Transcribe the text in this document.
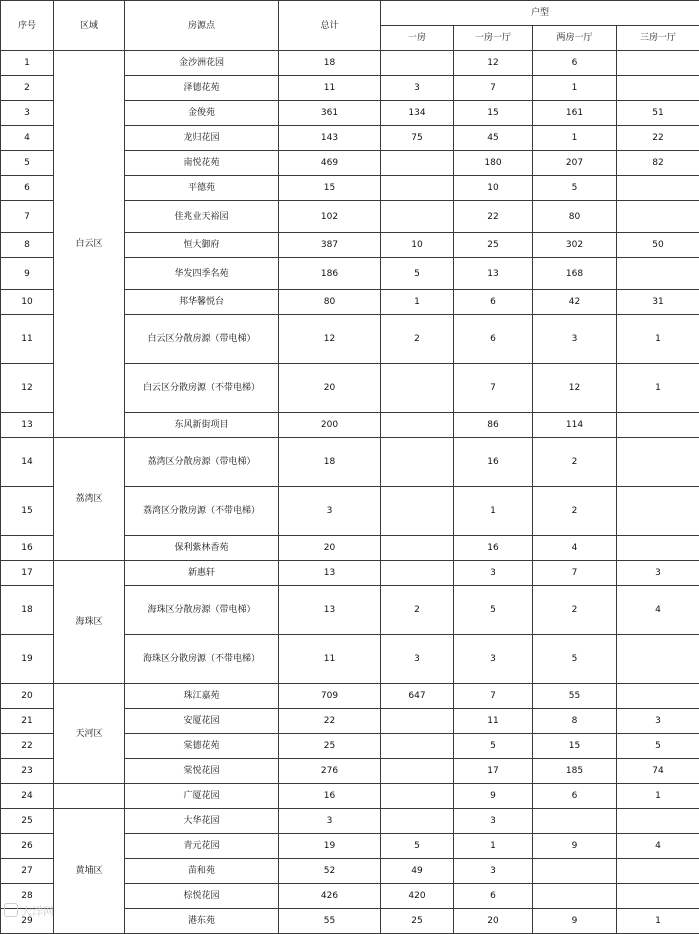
序号	区域	房源点	总计	户型			
				一房	一房一厅	两房一厅	三房一厅
1	白云区	金沙洲花园	18		12	6	
2		泽德花苑	11	3	7	1	
3		金俊苑	361	134	15	161	51
4		龙归花园	143	75	45	1	22
5		南悦花苑	469		180	207	82
6		平德苑	15		10	5	
7		佳兆业天裕园	102		22	80	
8		恒大御府	387	10	25	302	50
9		华发四季名苑	186	5	13	168	
10		邦华馨悦台	80	1	6	42	31
11		白云区分散房源（带电梯）	12	2	6	3	1
12		白云区分散房源（不带电梯）	20		7	12	1
13		东风新街项目	200		86	114	
14	荔湾区	荔湾区分散房源（带电梯）	18		16	2	
15		荔湾区分散房源（不带电梯）	3		1	2	
16		保利紫林香苑	20		16	4	
17	海珠区	新惠轩	13		3	7	3
18		海珠区分散房源（带电梯）	13	2	5	2	4
19		海珠区分散房源（不带电梯）	11	3	3	5	
20	天河区	珠江嘉苑	709	647	7	55	
21		安厦花园	22		11	8	3
22		棠德花苑	25		5	15	5
23		棠悦花园	276		17	185	74
24		广厦花园	16		9	6	1
25	黄埔区	大华花园	3		3		
26		青元花园	19	5	1	9	4
27		苗和苑	52	49	3		
28		棕悦花园	426	420	6		
29		港东苑	55	25	20	9	1
大洋网
